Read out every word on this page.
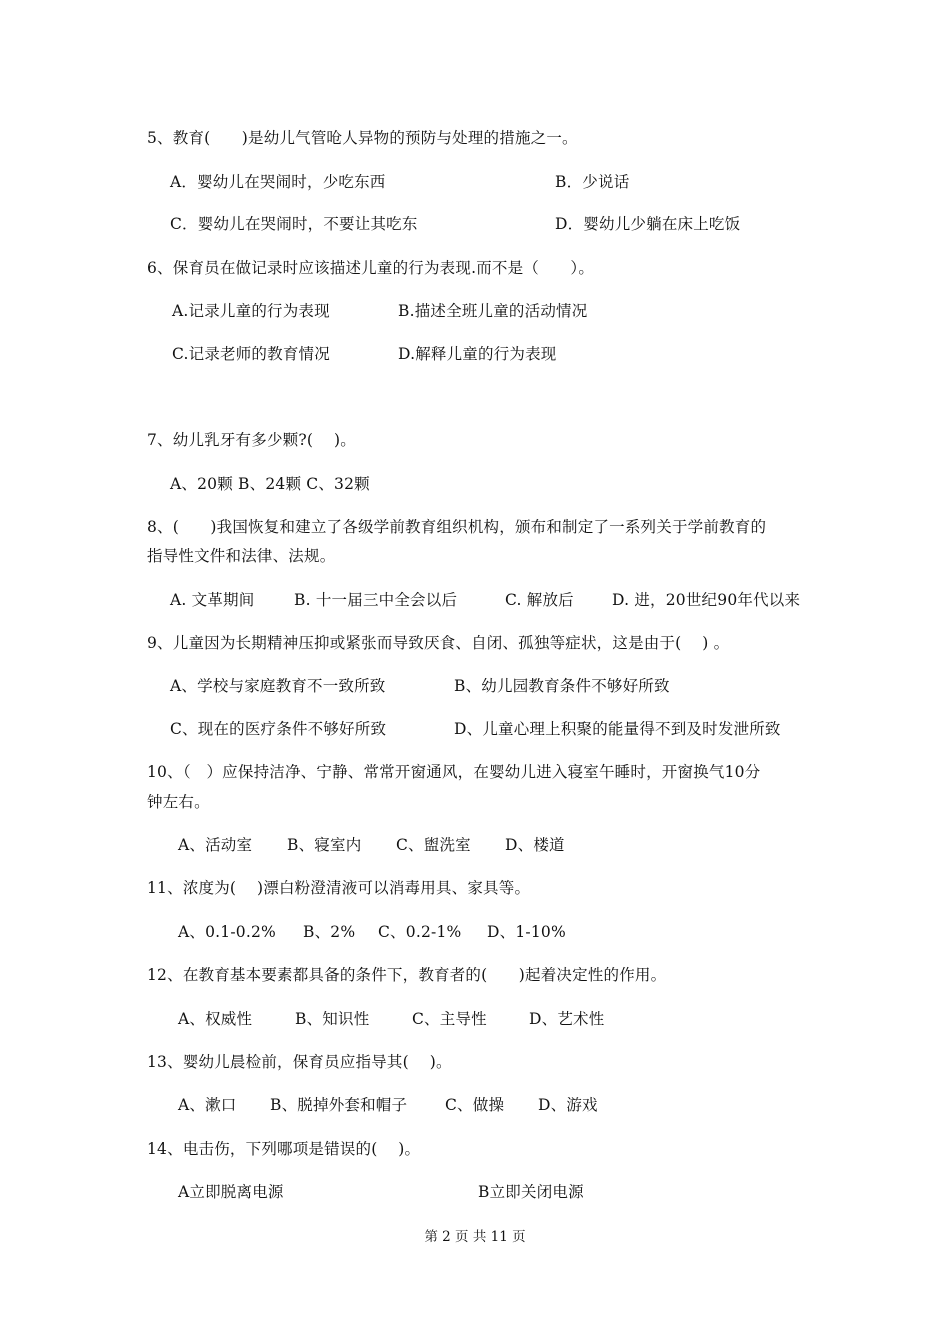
5、教育(　　)是幼儿气管呛人异物的预防与处理的措施之一。
A．婴幼儿在哭闹时，少吃东西	B．少说话
C．婴幼儿在哭闹时，不要让其吃东	D．婴幼儿少躺在床上吃饭
6、保育员在做记录时应该描述儿童的行为表现.而不是（　　）。
A.记录儿童的行为表现	B.描述全班儿童的活动情况
C.记录老师的教育情况	D.解释儿童的行为表现
7、幼儿乳牙有多少颗?(　 )。
A、20颗 B、24颗 C、32颗
8、(　　)我国恢复和建立了各级学前教育组织机构，颁布和制定了一系列关于学前教育的
指导性文件和法律、法规。
A. 文革期间	B. 十一届三中全会以后	C. 解放后 D. 进，20世纪90年代以来
9、儿童因为长期精神压抑或紧张而导致厌食、自闭、孤独等症状，这是由于(　 ) 。
A、学校与家庭教育不一致所致	B、幼儿园教育条件不够好所致
C、现在的医疗条件不够好所致	D、儿童心理上积聚的能量得不到及时发泄所致
10、（　）应保持洁净、宁静、常常开窗通风，在婴幼儿进入寝室午睡时，开窗换气10分
钟左右。
A、活动室 B、寝室内 C、盥洗室 D、楼道
11、浓度为(　 )漂白粉澄清液可以消毒用具、家具等。
A、0.1-0.2% B、2% C、0.2-1% D、1-10%
12、在教育基本要素都具备的条件下，教育者的(　　)起着决定性的作用。
A、权威性	B、知识性	C、主导性	D、艺术性
13、婴幼儿晨检前，保育员应指导其(　 )。
A、漱口 B、脱掉外套和帽子 C、做操 D、游戏
14、电击伤，下列哪项是错误的(　 )。
A立即脱离电源	B立即关闭电源
第 2 页 共 11 页
